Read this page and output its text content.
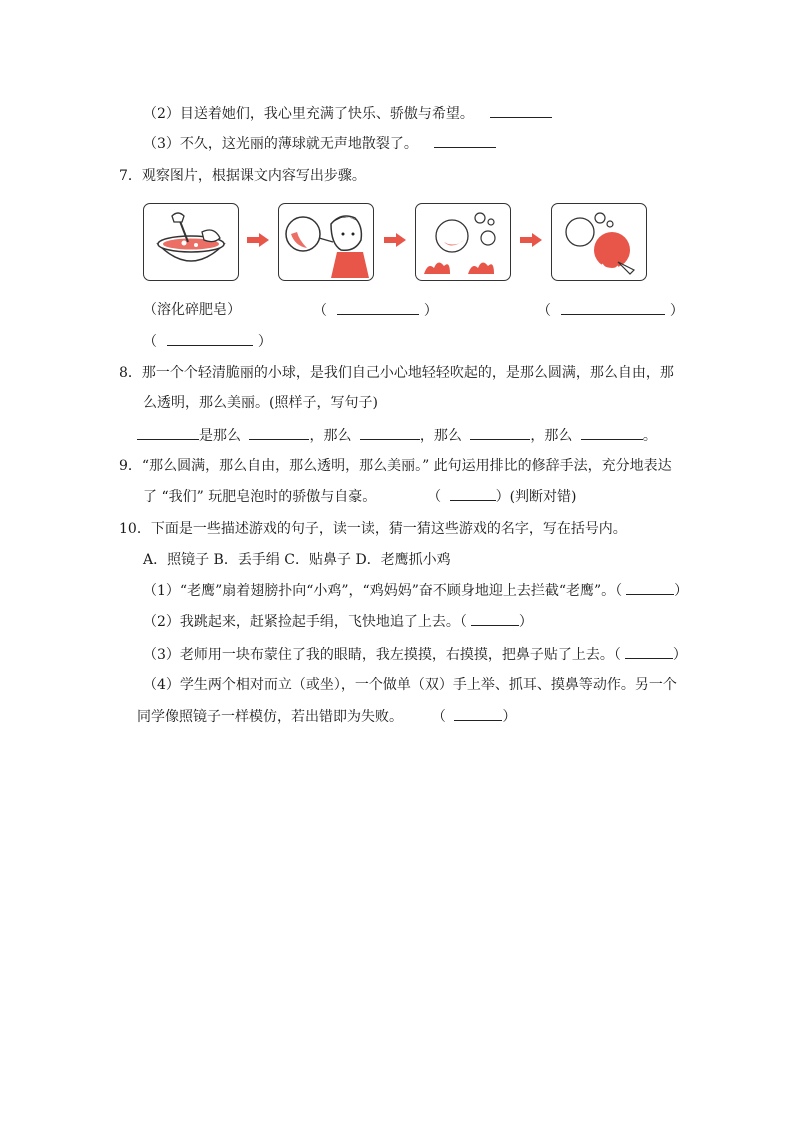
（2）目送着她们，我心里充满了快乐、骄傲与希望。
（3）不久，这光丽的薄球就无声地散裂了。
7．观察图片，根据课文内容写出步骤。
（溶化碎肥皂）	（	）	（	）
（	）
8．那一个个轻清脆丽的小球，是我们自己小心地轻轻吹起的，是那么圆满，那么自由，那
么透明，那么美丽。(照样子，写句子)
是那么	，那么	，那么	，那么	。
9．“那么圆满，那么自由，那么透明，那么美丽。” 此句运用排比的修辞手法，充分地表达
了 “我们” 玩肥皂泡时的骄傲与自豪。	（	）(判断对错)
10．下面是一些描述游戏的句子，读一读，猜一猜这些游戏的名字，写在括号内。
A．照镜子 B．丢手绢 C．贴鼻子 D．老鹰抓小鸡
（1）“老鹰”扇着翅膀扑向“小鸡”，“鸡妈妈”奋不顾身地迎上去拦截“老鹰”。（	）
（2）我跳起来，赶紧捡起手绢，飞快地追了上去。（	）
（3）老师用一块布蒙住了我的眼睛，我左摸摸，右摸摸，把鼻子贴了上去。（	）
（4）学生两个相对而立（或坐），一个做单（双）手上举、抓耳、摸鼻等动作。另一个
同学像照镜子一样模仿，若出错即为失败。 （	）
